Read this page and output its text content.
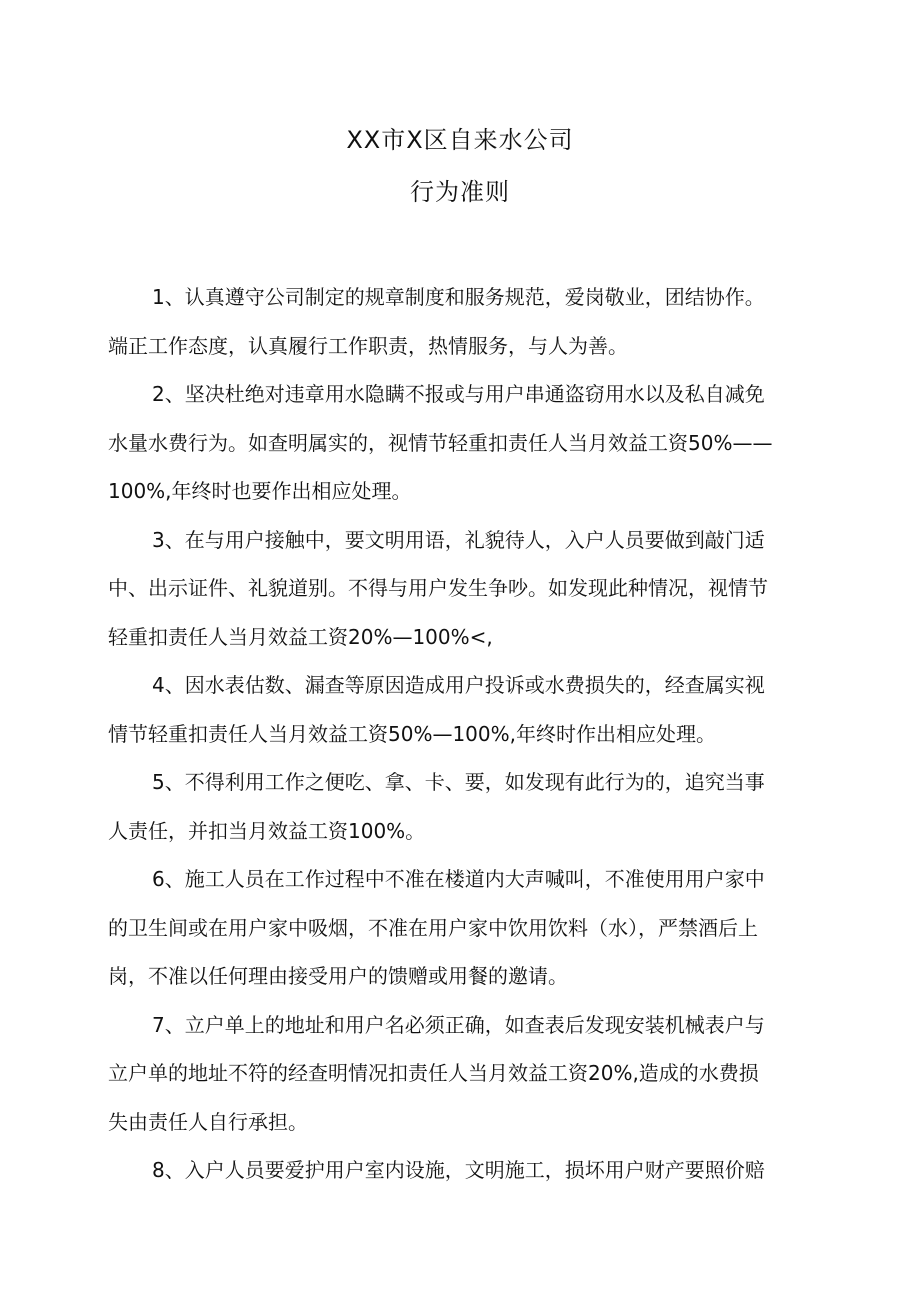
XX市X区自来水公司
行为准则
1、认真遵守公司制定的规章制度和服务规范，爱岗敬业，团结协作。
端正工作态度，认真履行工作职责，热情服务，与人为善。
2、坚决杜绝对违章用水隐瞒不报或与用户串通盗窃用水以及私自减免
水量水费行为。如查明属实的，视情节轻重扣责任人当月效益工资50%——
100%,年终时也要作出相应处理。
3、在与用户接触中，要文明用语，礼貌待人，入户人员要做到敲门适
中、出示证件、礼貌道别。不得与用户发生争吵。如发现此种情况，视情节
轻重扣责任人当月效益工资20%—100%<,
4、因水表估数、漏查等原因造成用户投诉或水费损失的，经查属实视
情节轻重扣责任人当月效益工资50%—100%,年终时作出相应处理。
5、不得利用工作之便吃、拿、卡、要，如发现有此行为的，追究当事
人责任，并扣当月效益工资100%。
6、施工人员在工作过程中不准在楼道内大声喊叫，不准使用用户家中
的卫生间或在用户家中吸烟，不准在用户家中饮用饮料（水），严禁酒后上
岗，不准以任何理由接受用户的馈赠或用餐的邀请。
7、立户单上的地址和用户名必须正确，如查表后发现安装机械表户与
立户单的地址不符的经查明情况扣责任人当月效益工资20%,造成的水费损
失由责任人自行承担。
8、入户人员要爱护用户室内设施，文明施工，损坏用户财产要照价赔
